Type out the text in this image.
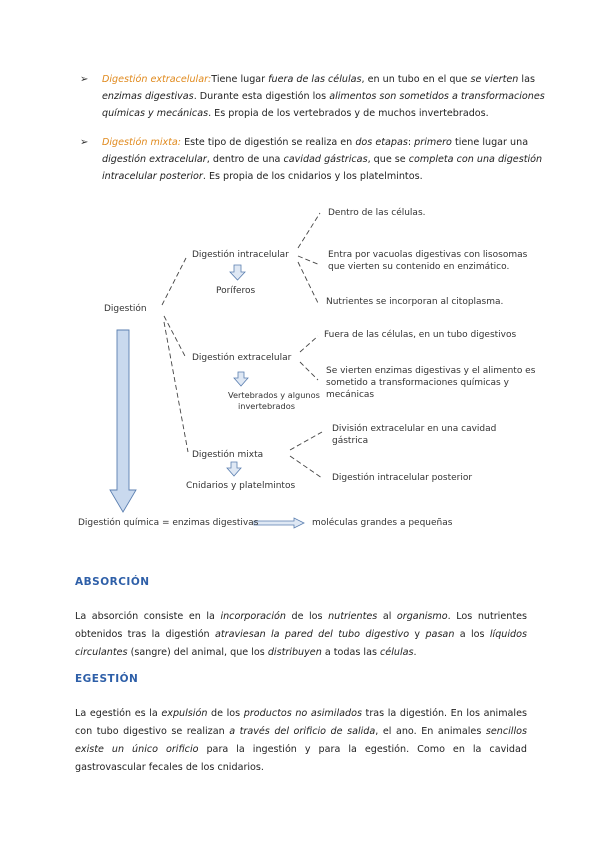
➢ Digestión extracelular:Tiene lugar fuera de las células, en un tubo en el que se vierten las enzimas digestivas. Durante esta digestión los alimentos son sometidos a transformaciones químicas y mecánicas. Es propia de los vertebrados y de muchos invertebrados.
➢ Digestión mixta: Este tipo de digestión se realiza en dos etapas: primero tiene lugar una digestión extracelular, dentro de una cavidad gástricas, que se completa con una digestión intracelular posterior. Es propia de los cnidarios y los platelmintos.
Digestión
Digestión intracelular
Poríferos
Dentro de las células.
Entra por vacuolas digestivas con lisosomas
que vierten su contenido en enzimático.
Nutrientes se incorporan al citoplasma.
Digestión extracelular
Vertebrados y algunos
invertebrados
Fuera de las células, en un tubo digestivos
Se vierten enzimas digestivas y el alimento es
sometido a transformaciones químicas y
mecánicas
Digestión mixta
Cnidarios y platelmintos
División extracelular en una cavidad
gástrica
Digestión intracelular posterior
Digestión química = enzimas digestivas	moléculas grandes a pequeñas
ABSORCIÓN
La absorción consiste en la incorporación de los nutrientes al organismo. Los nutrientes obtenidos tras la digestión atraviesan la pared del tubo digestivo y pasan a los líquidos circulantes (sangre) del animal, que los distribuyen a todas las células.
EGESTIÓN
La egestión es la expulsión de los productos no asimilados tras la digestión. En los animales con tubo digestivo se realizan a través del orificio de salida, el ano. En animales sencillos existe un único orificio para la ingestión y para la egestión. Como en la cavidad gastrovascular fecales de los cnidarios.
